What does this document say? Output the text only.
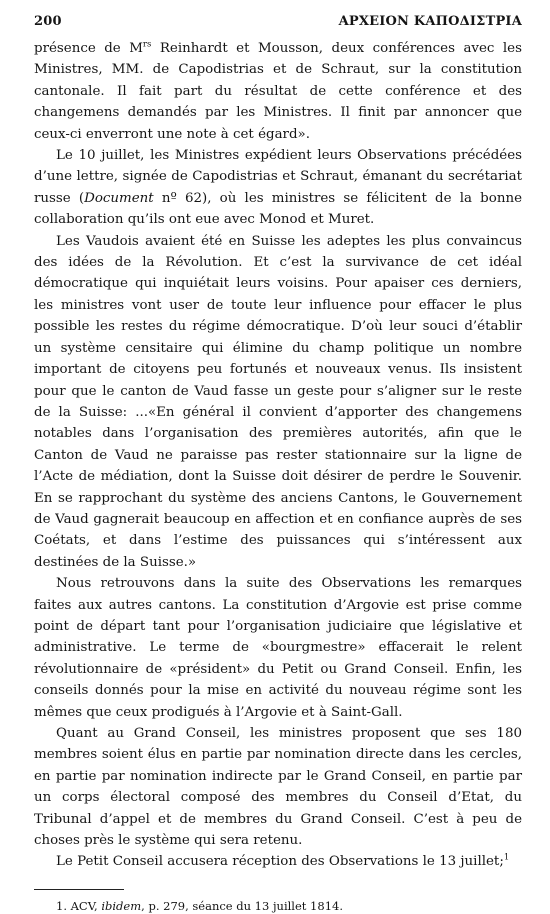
200	ΑΡΧΕΙΟΝ ΚΑΠΟΔΙΣΤΡΙΑ

présence de $M^{rs}$ Reinhardt et Mousson, deux conférences avec les Ministres, MM. de Capodistrias et de Schraut, sur la constitution cantonale. Il fait part du résultat de cette conférence et des changemens demandés par les Ministres. Il finit par annoncer que ceux-ci enverront une note à cet égard».

Le 10 juillet, les Ministres expédient leurs Observations précédées d’une lettre, signée de Capodistrias et Schraut, émanant du secrétariat russe (Document nº 62), où les ministres se félicitent de la bonne collaboration qu’ils ont eue avec Monod et Muret.

Les Vaudois avaient été en Suisse les adeptes les plus convaincus des idées de la Révolution. Et c’est la survivance de cet idéal démocratique qui inquiétait leurs voisins. Pour apaiser ces derniers, les ministres vont user de toute leur influence pour effacer le plus possible les restes du régime démocratique. D’où leur souci d’établir un système censitaire qui élimine du champ politique un nombre important de citoyens peu fortunés et nouveaux venus. Ils insistent pour que le canton de Vaud fasse un geste pour s’aligner sur le reste de la Suisse: ...«En général il convient d’apporter des changemens notables dans l’organisation des premières autorités, afin que le Canton de Vaud ne paraisse pas rester stationnaire sur la ligne de l’Acte de médiation, dont la Suisse doit désirer de perdre le Souvenir. En se rapprochant du système des anciens Cantons, le Gouvernement de Vaud gagnerait beaucoup en affection et en confiance auprès de ses Coétats, et dans l’estime des puissances qui s’intéressent aux destinées de la Suisse.»

Nous retrouvons dans la suite des Observations les remarques faites aux autres cantons. La constitution d’Argovie est prise comme point de départ tant pour l’organisation judiciaire que législative et administrative. Le terme de «bourgmestre» effacerait le relent révolutionnaire de «président» du Petit ou Grand Conseil. Enfin, les conseils donnés pour la mise en activité du nouveau régime sont les mêmes que ceux prodigués à l’Argovie et à Saint-Gall.

Quant au Grand Conseil, les ministres proposent que ses 180 membres soient élus en partie par nomination directe dans les cercles, en partie par nomination indirecte par le Grand Conseil, en partie par un corps électoral composé des membres du Conseil d’Etat, du Tribunal d’appel et de membres du Grand Conseil. C’est à peu de choses près le système qui sera retenu.

Le Petit Conseil accusera réception des Observations le 13 juillet;$^1$

1. ACV, ibidem, p. 279, séance du 13 juillet 1814.
